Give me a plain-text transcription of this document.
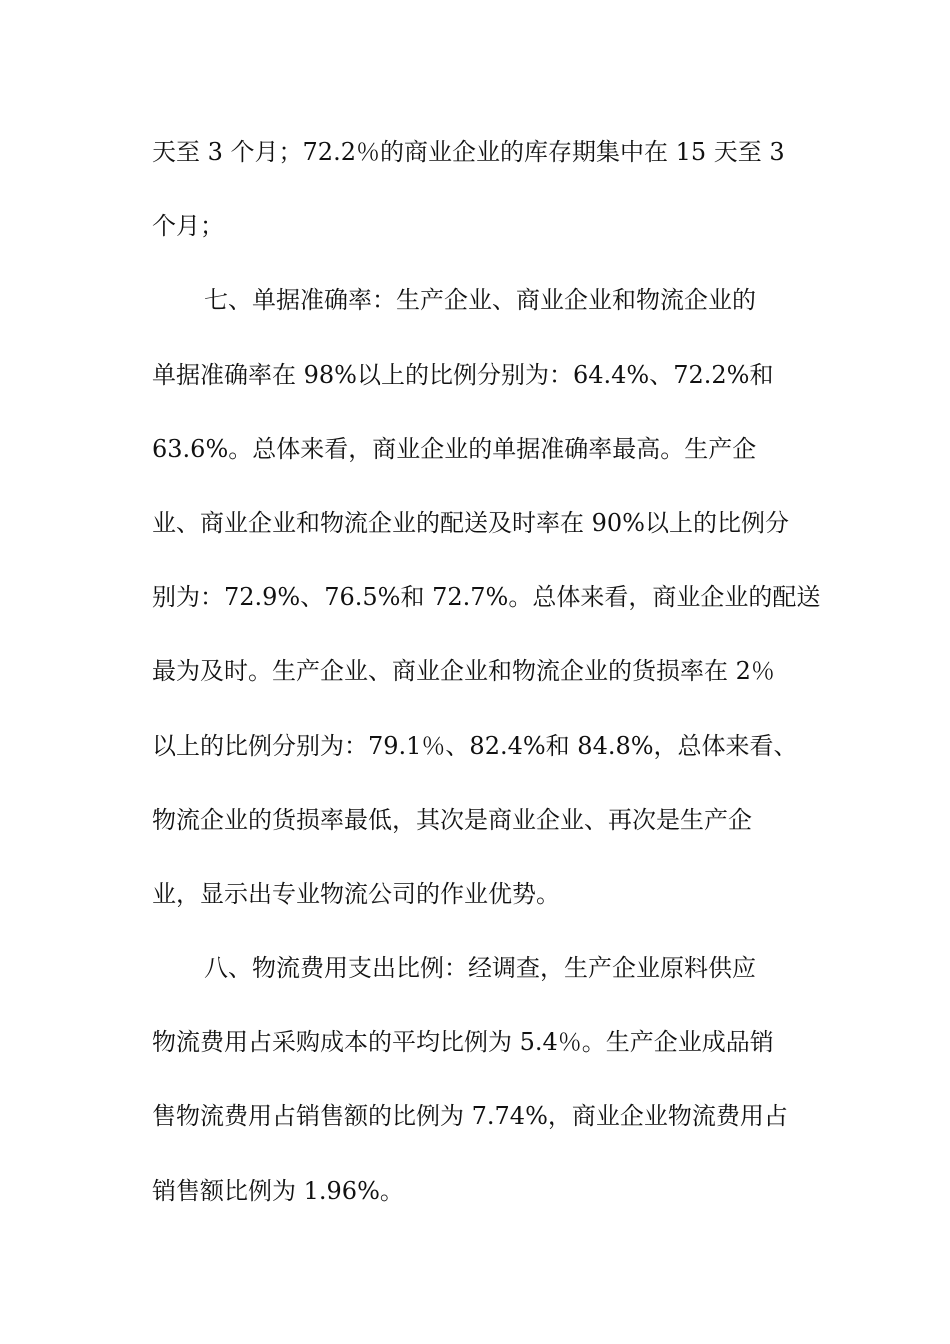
天至 3 个月；72.2％的商业企业的库存期集中在 15 天至 3
个月；
七、单据准确率：生产企业、商业企业和物流企业的
单据准确率在 98%以上的比例分别为：64.4%、72.2%和
63.6%。总体来看，商业企业的单据准确率最高。生产企
业、商业企业和物流企业的配送及时率在 90%以上的比例分
别为：72.9%、76.5%和 72.7%。总体来看，商业企业的配送
最为及时。生产企业、商业企业和物流企业的货损率在 2％
以上的比例分别为：79.1％、82.4%和 84.8%，总体来看、
物流企业的货损率最低，其次是商业企业、再次是生产企
业，显示出专业物流公司的作业优势。
八、物流费用支出比例：经调查，生产企业原料供应
物流费用占采购成本的平均比例为 5.4％。生产企业成品销
售物流费用占销售额的比例为 7.74%，商业企业物流费用占
销售额比例为 1.96%。
